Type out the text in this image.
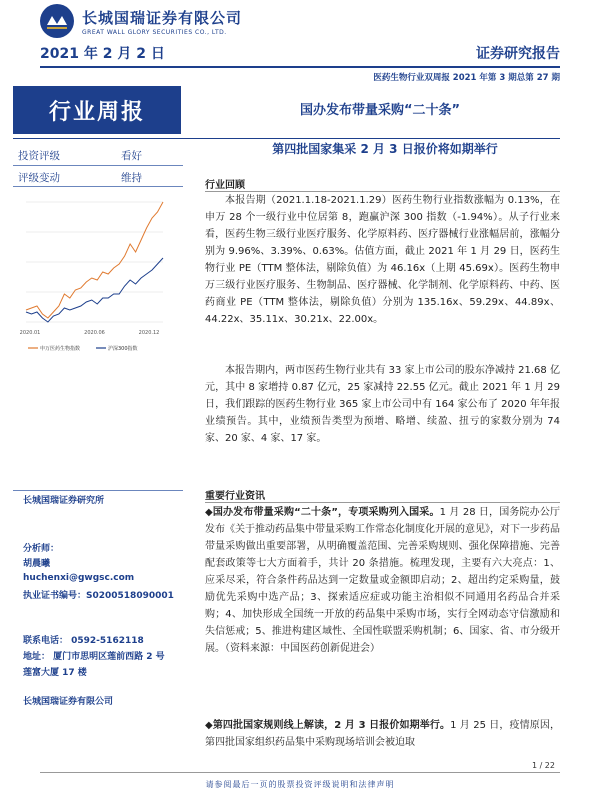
长城国瑞证券有限公司
GREAT WALL GLORY SECURITIES CO., LTD.
2021 年 2 月 2 日	证券研究报告
医药生物行业双周报 2021 年第 3 期总第 27 期
行业周报	国办发布带量采购“二十条”
投资评级	看好
评级变动	维持
第四批国家集采 2 月 3 日报价将如期举行
2020.01	2020.06	2020.12
申万医药生物指数	沪深300指数
行业回顾
本报告期（2021.1.18-2021.1.29）医药生物行业指数涨幅为 0.13%，在申万 28 个一级行业中位居第 8，跑赢沪深 300 指数（-1.94%）。从子行业来看，医药生物三级行业医疗服务、化学原料药、医疗器械行业涨幅居前，涨幅分别为 9.96%、3.39%、0.63%。估值方面，截止 2021 年 1 月 29 日，医药生物行业 PE（TTM 整体法，剔除负值）为 46.16x（上期 45.69x）。医药生物申万三级行业医疗服务、生物制品、医疗器械、化学制剂、化学原料药、中药、医药商业 PE（TTM 整体法，剔除负值）分别为 135.16x、59.29x、44.89x、44.22x、35.11x、30.21x、22.00x。
本报告期内，两市医药生物行业共有 33 家上市公司的股东净减持 21.68 亿元，其中 8 家增持 0.87 亿元，25 家减持 22.55 亿元。截止 2021 年 1 月 29 日，我们跟踪的医药生物行业 365 家上市公司中有 164 家公布了 2020 年年报业绩预告。其中，业绩预告类型为预增、略增、续盈、扭亏的家数分别为 74 家、20 家、4 家、17 家。
重要行业资讯
◆国办发布带量采购“二十条”，专项采购列入国采。1 月 28 日，国务院办公厅发布《关于推动药品集中带量采购工作常态化制度化开展的意见》，对下一步药品带量采购做出重要部署，从明确覆盖范围、完善采购规则、强化保障措施、完善配套政策等七大方面着手，共计 20 条措施。梳理发现，主要有六大亮点：1、应采尽采，符合条件药品达到一定数量或金额即启动；2、超出约定采购量，鼓励优先采购中选产品；3、探索适应症或功能主治相似不同通用名药品合并采购；4、加快形成全国统一开放的药品集中采购市场，实行全网动态守信激励和失信惩戒；5、推进构建区域性、全国性联盟采购机制；6、国家、省、市分级开展。（资料来源：中国医药创新促进会）
◆第四批国家规则线上解读，2 月 3 日报价如期举行。1 月 25 日，疫情原因，第四批国家组织药品集中采购现场培训会被迫取
长城国瑞证券研究所
分析师：
胡晨曦
huchenxi@gwgsc.com
执业证书编号：S0200518090001
联系电话： 0592-5162118
地址： 厦门市思明区莲前西路 2 号
莲富大厦 17 楼
长城国瑞证券有限公司
1 / 22
请参阅最后一页的股票投资评级说明和法律声明
